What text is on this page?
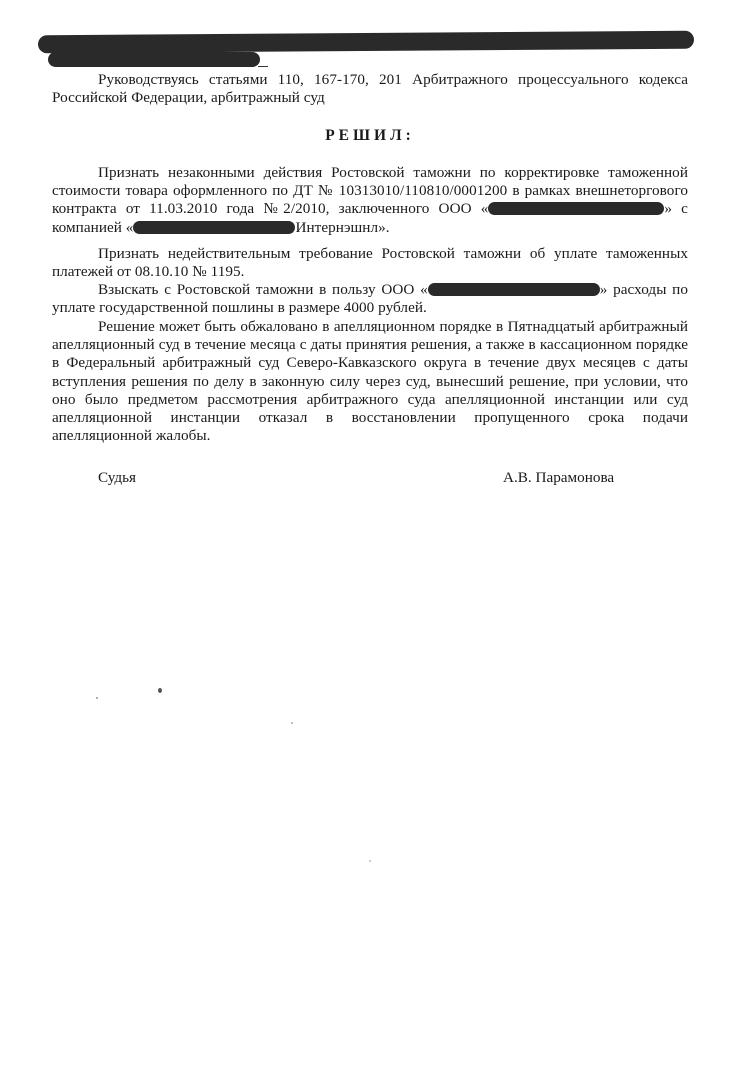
Руководствуясь статьями 110, 167-170, 201 Арбитражного процессуального кодекса Российской Федерации, арбитражный суд
РЕШИЛ:
Признать незаконными действия Ростовской таможни по корректировке таможенной стоимости товара оформленного по ДТ № 10313010/110810/0001200 в рамках внешнеторгового контракта от 11.03.2010 года №2/2010, заключенного ООО «	» с компанией «	Интернэшнл».
Признать недействительным требование Ростовской таможни об уплате таможенных платежей от 08.10.10 № 1195.
Взыскать с Ростовской таможни в пользу ООО «	» расходы по уплате государственной пошлины в размере 4000 рублей.
Решение может быть обжаловано в апелляционном порядке в Пятнадцатый арбитражный апелляционный суд в течение месяца с даты принятия решения, а также в кассационном порядке в Федеральный арбитражный суд Северо-Кавказского округа в течение двух месяцев с даты вступления решения по делу в законную силу через суд, вынесший решение, при условии, что оно было предметом рассмотрения арбитражного суда апелляционной инстанции или суд апелляционной инстанции отказал в восстановлении пропущенного срока подачи апелляционной жалобы.
Судья	А.В. Парамонова
